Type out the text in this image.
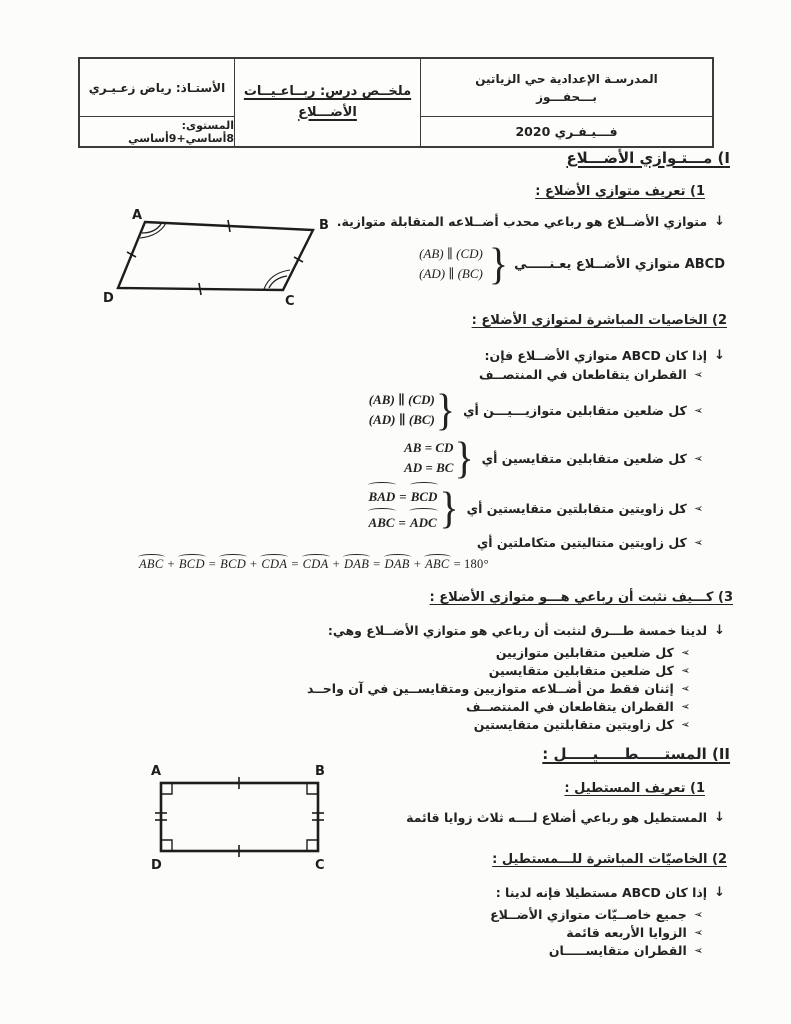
المدرسـة الإعدادية حي الزياتين
بـــحفـــوز
فـــيـفـري 2020
ملخــص درس: ربــاعـيــات
الأضـــلاع
الأستـاذ: رياض زعـيـري
المستوى: 8أساسي+9أساسي
I) مـــتـوازي الأضـــلاع
1) تعريف متوازي الأضلاع :
↓
متوازي الأضــلاع هو رباعي محدب أضــلاعه المتقابلة متوازية.
(AB) ∥ (CD)
(AD) ∥ (BC) } ABCD متوازي الأضــلاع يعـنـــــي
A
B
C
D
2) الخاصيات المباشرة لمتوازي الأضلاع :
↓
إذا كان ABCD متوازي الأضــلاع فإن:
➢
القطران يتقاطعان في المنتصــف
➢
كل ضلعين متقابلين متوازيـــيـــن أي
(AB) ∥ (CD)
(AD) ∥ (BC) }
➢
كل ضلعين متقابلين متقايسين أي
AB = CD
AD = BC }
➢
كل زاويتين متقابلتين متقايستين أي
BAD = BCD
ABC = ADC }
➢
كل زاويتين متتاليتين متكاملتين أي
ABC + BCD = BCD + CDA = CDA + DAB = DAB + ABC = 180°
3) كـــيف نثبت أن رباعي هـــو متوازي الأضلاع :
↓
لدينا خمسة طـــرق لنثبت أن رباعي هو متوازي الأضــلاع وهي:
➢
كل ضلعين متقابلين متوازيين
➢
كل ضلعين متقابلين متقايسين
➢
إثنان فقط من أضــلاعه متوازيين ومتقايســين في آن واحــد
➢
القطران يتقاطعان في المنتصــف
➢
كل زاويتين متقابلتين متقايستين
II) المستـــــطـــــيـــــل :
1) تعريف المستطيل :
↓
المستطيل هو رباعي أضلاع لــــه ثلاث زوايا قائمة
A	B
C
D	2) الخاصيّات المباشرة للـــمستطيل :
↓
إذا كان ABCD مستطيلا فإنه لدينا :
➢
جميع خاصــيّات متوازي الأضــلاع
➢
الزوايا الأربعه قائمة
➢
القطران متقايســـــان
